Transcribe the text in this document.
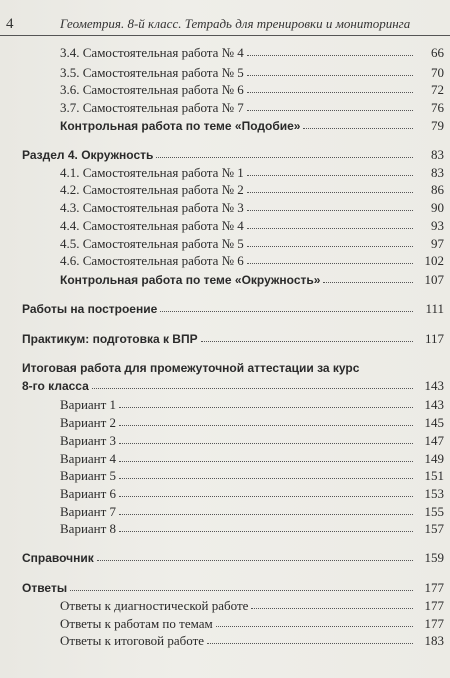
4	Геометрия. 8-й класс. Тетрадь для тренировки и мониторинга
3.4. Самостоятельная работа № 4	66
3.5. Самостоятельная работа № 5	70
3.6. Самостоятельная работа № 6	72
3.7. Самостоятельная работа № 7	76
Контрольная работа по теме «Подобие»	79
Раздел 4. Окружность	83
4.1. Самостоятельная работа № 1	83
4.2. Самостоятельная работа № 2	86
4.3. Самостоятельная работа № 3	90
4.4. Самостоятельная работа № 4	93
4.5. Самостоятельная работа № 5	97
4.6. Самостоятельная работа № 6	102
Контрольная работа по теме «Окружность»	107
Работы на построение	111
Практикум: подготовка к ВПР	117
Итоговая работа для промежуточной аттестации за курс
8-го класса	143
Вариант 1	143
Вариант 2	145
Вариант 3	147
Вариант 4	149
Вариант 5	151
Вариант 6	153
Вариант 7	155
Вариант 8	157
Справочник	159
Ответы	177
Ответы к диагностической работе	177
Ответы к работам по темам	177
Ответы к итоговой работе	183
